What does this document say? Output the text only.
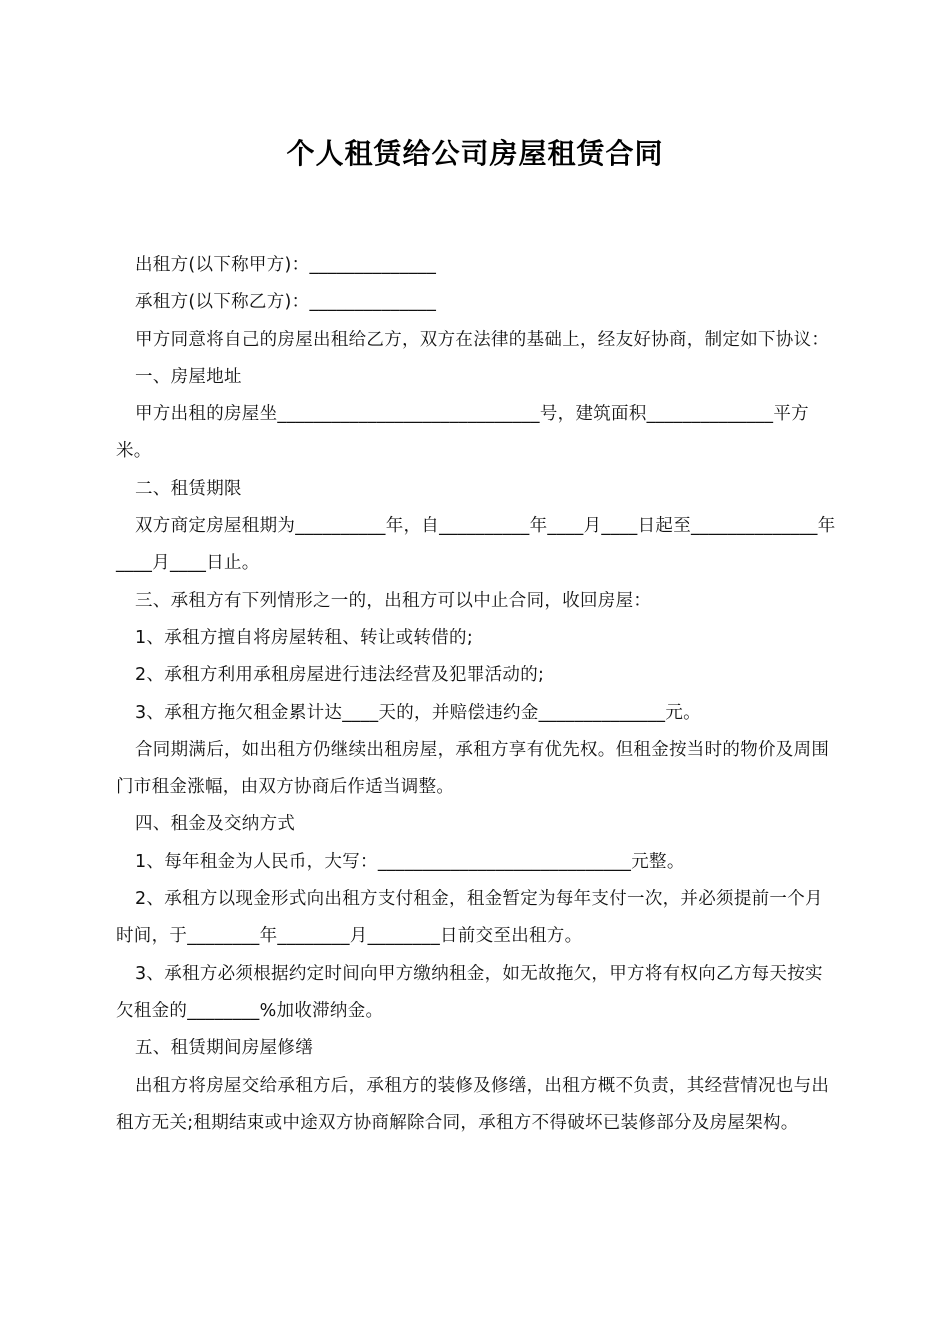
个人租赁给公司房屋租赁合同

出租方(以下称甲方)：______________

承租方(以下称乙方)：______________

甲方同意将自己的房屋出租给乙方，双方在法律的基础上，经友好协商，制定如下协议：

一、房屋地址

甲方出租的房屋坐_____________________________号，建筑面积______________平方米。

二、租赁期限

双方商定房屋租期为__________年，自__________年____月____日起至______________年____月____日止。

三、承租方有下列情形之一的，出租方可以中止合同，收回房屋：

1、承租方擅自将房屋转租、转让或转借的;

2、承租方利用承租房屋进行违法经营及犯罪活动的;

3、承租方拖欠租金累计达____天的，并赔偿违约金______________元。

合同期满后，如出租方仍继续出租房屋，承租方享有优先权。但租金按当时的物价及周围门市租金涨幅，由双方协商后作适当调整。

四、租金及交纳方式

1、每年租金为人民币，大写：____________________________元整。

2、承租方以现金形式向出租方支付租金，租金暂定为每年支付一次，并必须提前一个月时间，于________年________月________日前交至出租方。

3、承租方必须根据约定时间向甲方缴纳租金，如无故拖欠，甲方将有权向乙方每天按实欠租金的________%加收滞纳金。

五、租赁期间房屋修缮

出租方将房屋交给承租方后，承租方的装修及修缮，出租方概不负责，其经营情况也与出租方无关;租期结束或中途双方协商解除合同，承租方不得破坏已装修部分及房屋架构。
